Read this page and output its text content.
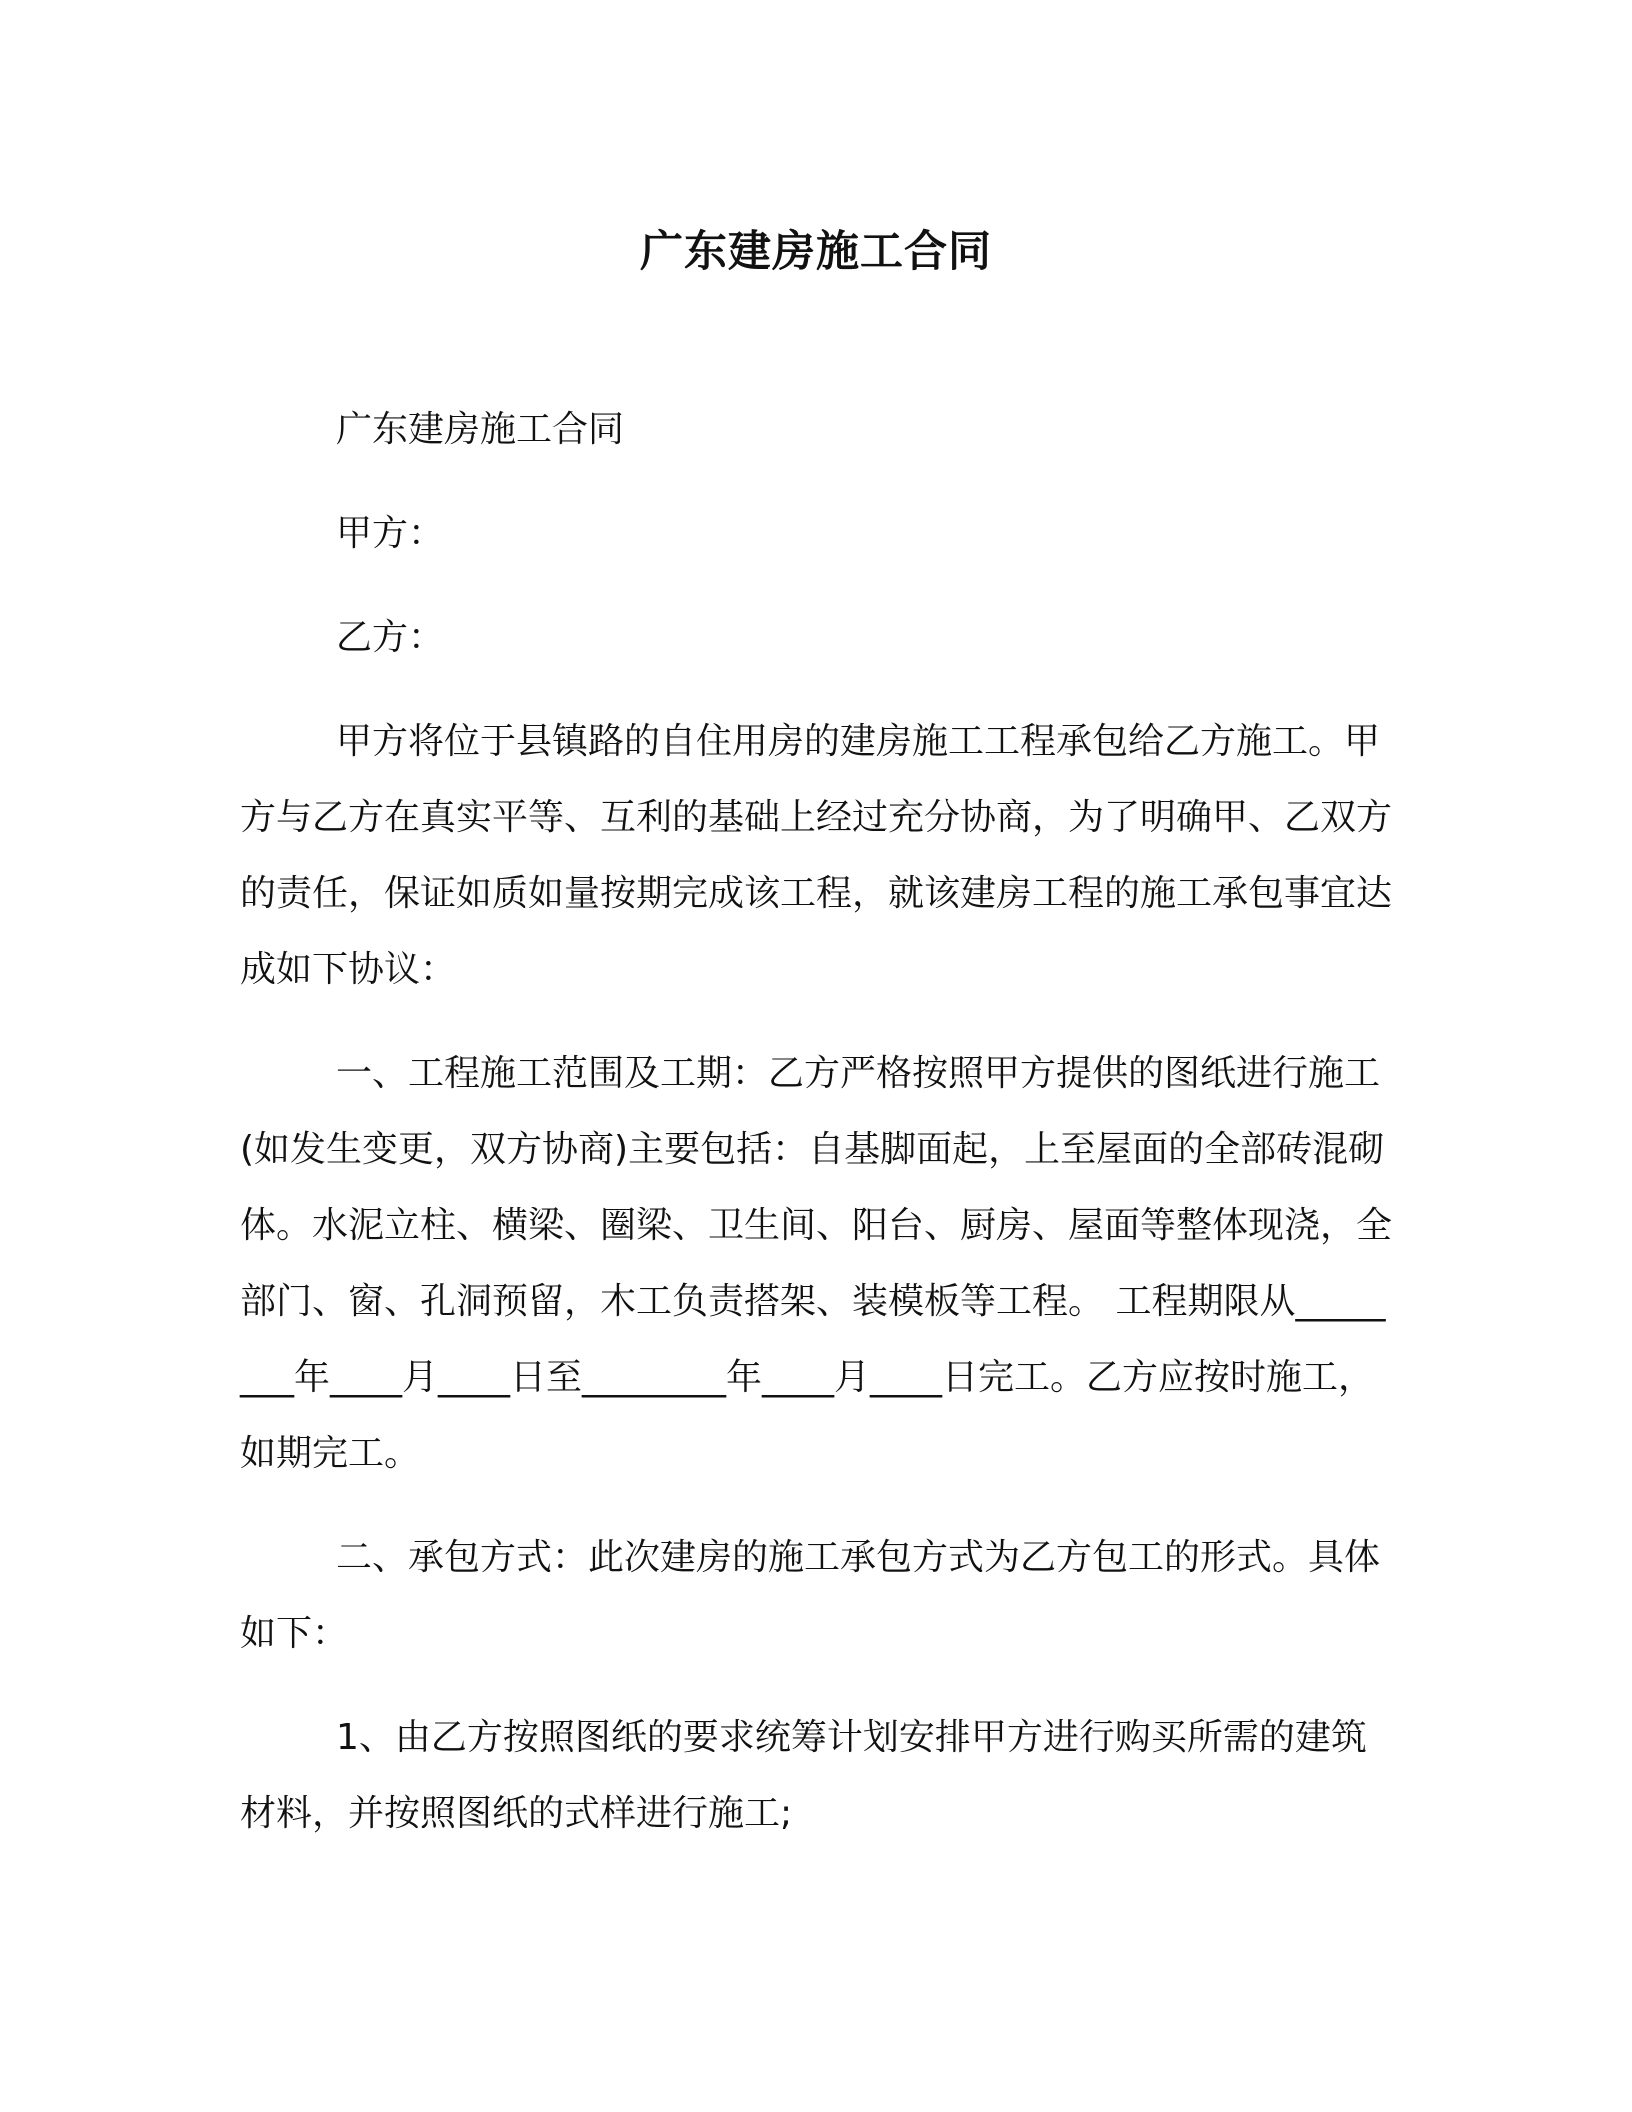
广东建房施工合同

广东建房施工合同

甲方：

乙方：

甲方将位于县镇路的自住用房的建房施工工程承包给乙方施工。甲方与乙方在真实平等、互利的基础上经过充分协商，为了明确甲、乙双方的责任，保证如质如量按期完成该工程，就该建房工程的施工承包事宜达成如下协议：

一、工程施工范围及工期：乙方严格按照甲方提供的图纸进行施工(如发生变更，双方协商)主要包括：自基脚面起，上至屋面的全部砖混砌体。水泥立柱、横梁、圈梁、卫生间、阳台、厨房、屋面等整体现浇，全部门、窗、孔洞预留，木工负责搭架、装模板等工程。 工程期限从________年____月____日至________年____月____日完工。乙方应按时施工，如期完工。

二、承包方式：此次建房的施工承包方式为乙方包工的形式。具体如下：

1、由乙方按照图纸的要求统筹计划安排甲方进行购买所需的建筑材料，并按照图纸的式样进行施工;
